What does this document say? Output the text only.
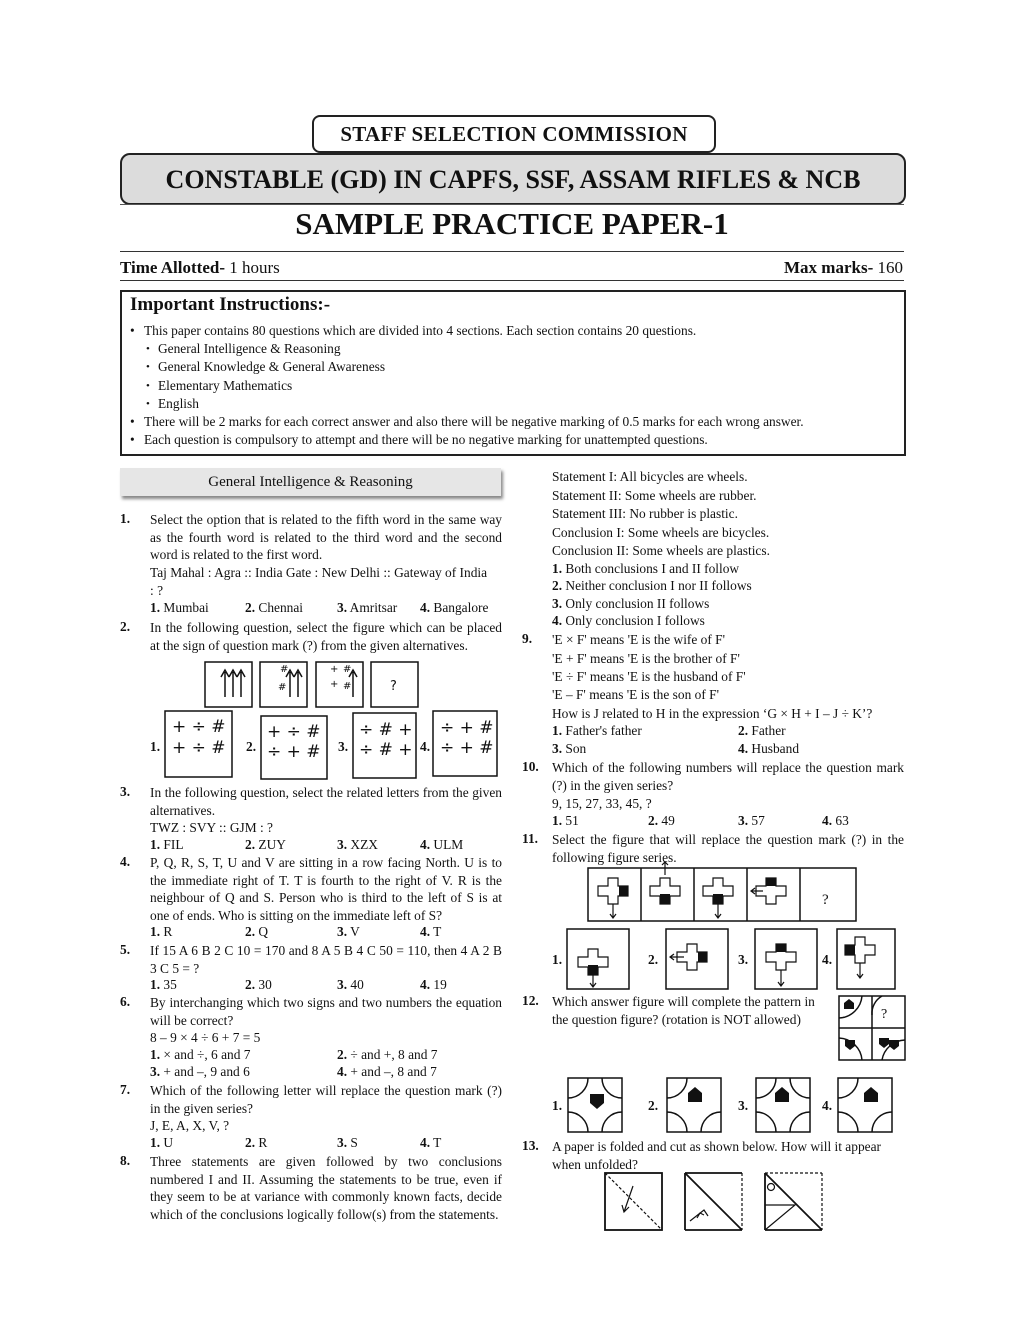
STAFF SELECTION COMMISSION
CONSTABLE (GD) IN CAPFS, SSF, ASSAM RIFLES & NCB
SAMPLE PRACTICE PAPER-1
Time Allotted- 1 hours	Max marks- 160
Important Instructions:-
• This paper contains 80 questions which are divided into 4 sections. Each section contains 20 questions.
• General Intelligence & Reasoning
• General Knowledge & General Awareness
• Elementary Mathematics
• English
• There will be 2 marks for each correct answer and also there will be negative marking of 0.5 marks for each wrong answer.
• Each question is compulsory to attempt and there will be no negative marking for unattempted questions.
General Intelligence & Reasoning
1. Select the option that is related to the fifth word in the same way as the fourth word is related to the third word and the second word is related to the first word.
Taj Mahal : Agra :: India Gate : New Delhi :: Gateway of India
: ?
1. Mumbai	2. Chennai	3. Amritsar 4. Bangalore
2. In the following question, select the figure which can be placed at the sign of question mark (?) from the given alternatives.
#
#
+ #
+ #	?
+ ÷ #
+ ÷ #
+ ÷ #
÷ + #
÷ # +
÷ # +
÷ + #
÷ + #
1.	2.	3.	4.
3. In the following question, select the related letters from the given alternatives.
TWZ : SVY :: GJM : ?
1. FIL	2. ZUY	3. XZX	4. ULM
4. P, Q, R, S, T, U and V are sitting in a row facing North. U is to the immediate right of T. T is fourth to the right of V. R is the neighbour of Q and S. Person who is third to the left of S is at one of ends. Who is sitting on the immediate left of S?
1. R	2. Q	3. V	4. T
5. If 15 A 6 B 2 C 10 = 170 and 8 A 5 B 4 C 50 = 110, then 4 A 2 B 3 C 5 = ?
1. 35	2. 30	3. 40	4. 19
6. By interchanging which two signs and two numbers the equation will be correct?
8 – 9 × 4 ÷ 6 + 7 = 5
1. × and ÷, 6 and 7	2. ÷ and +, 8 and 7
3. + and –, 9 and 6	4. + and –, 8 and 7
7. Which of the following letter will replace the question mark (?) in the given series?
J, E, A, X, V, ?
1. U	2. R	3. S	4. T
8. Three statements are given followed by two conclusions numbered I and II. Assuming the statements to be true, even if they seem to be at variance with commonly known facts, decide which of the conclusions logically follow(s) from the statements.
Statement I: All bicycles are wheels.
Statement II: Some wheels are rubber.
Statement III: No rubber is plastic.
Conclusion I: Some wheels are bicycles.
Conclusion II: Some wheels are plastics.
1. Both conclusions I and II follow
2. Neither conclusion I nor II follows
3. Only conclusion II follows
4. Only conclusion I follows
9. 'E × F' means 'E is the wife of F'
'E + F' means 'E is the brother of F'
'E ÷ F' means 'E is the husband of F'
'E – F' means 'E is the son of F'
How is J related to H in the expression ‘G × H + I – J ÷ K’?
1. Father's father	2. Father
3. Son	4. Husband
10. Which of the following numbers will replace the question mark (?) in the given series?
9, 15, 27, 33, 45, ?
1. 51	2. 49	3. 57	4. 63
11. Select the figure that will replace the question mark (?) in the following figure series.
?
1.	2.	3.	4.
12. Which answer figure will complete the pattern in the question figure? (rotation is NOT allowed)	?
1.	2.	3.	4.
13. A paper is folded and cut as shown below. How will it appear when unfolded?
